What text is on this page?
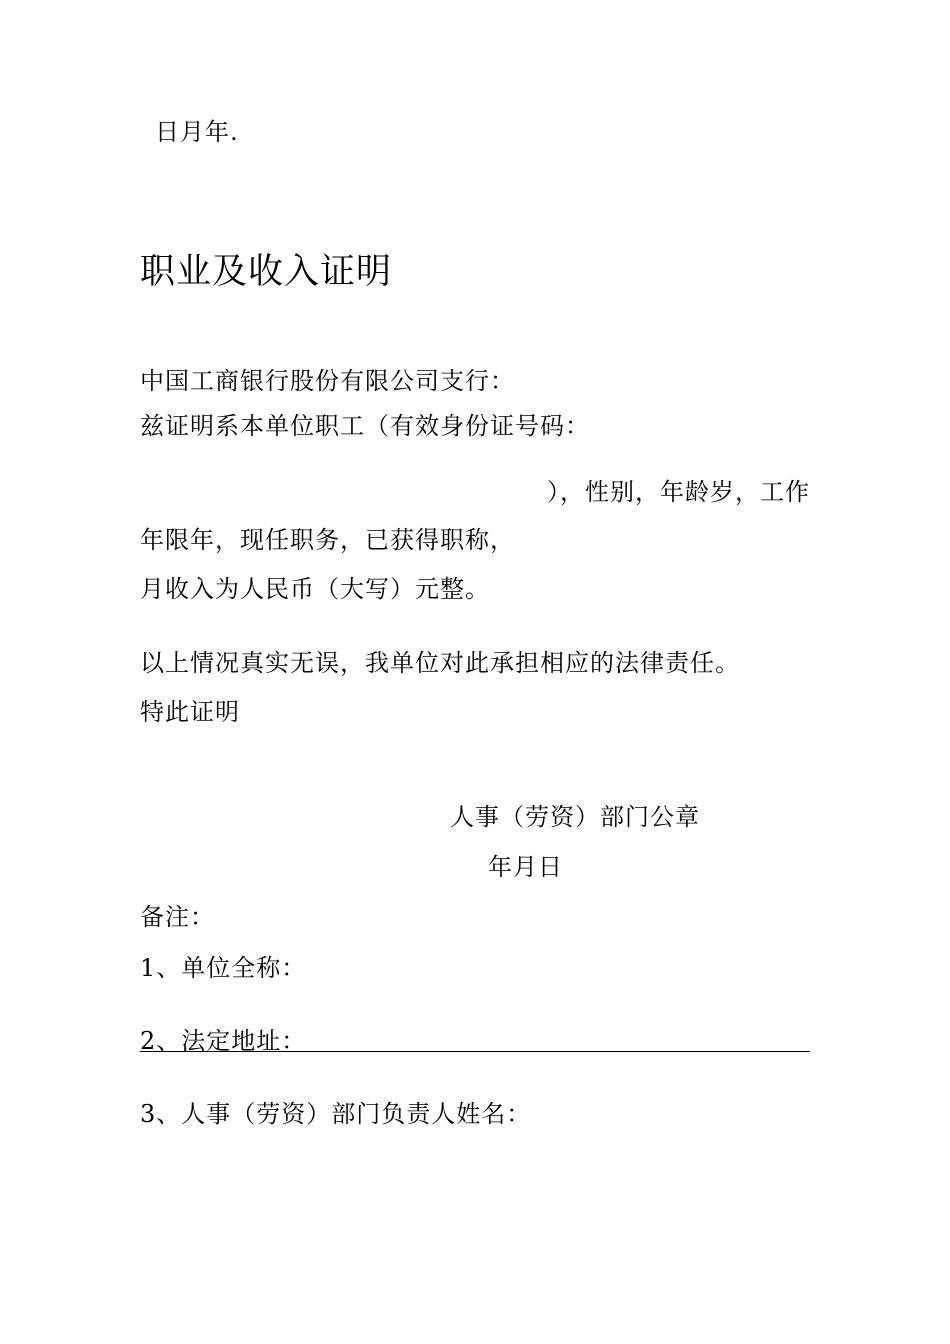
日月年.
职业及收入证明
中国工商银行股份有限公司支行：
兹证明系本单位职工（有效身份证号码：
），性别，年龄岁，工作
年限年，现任职务，已获得职称，
月收入为人民币（大写）元整。
以上情况真实无误，我单位对此承担相应的法律责任。
特此证明
人事（劳资）部门公章
年月日
备注：
1、单位全称：
2、法定地址：
3、人事（劳资）部门负责人姓名：
